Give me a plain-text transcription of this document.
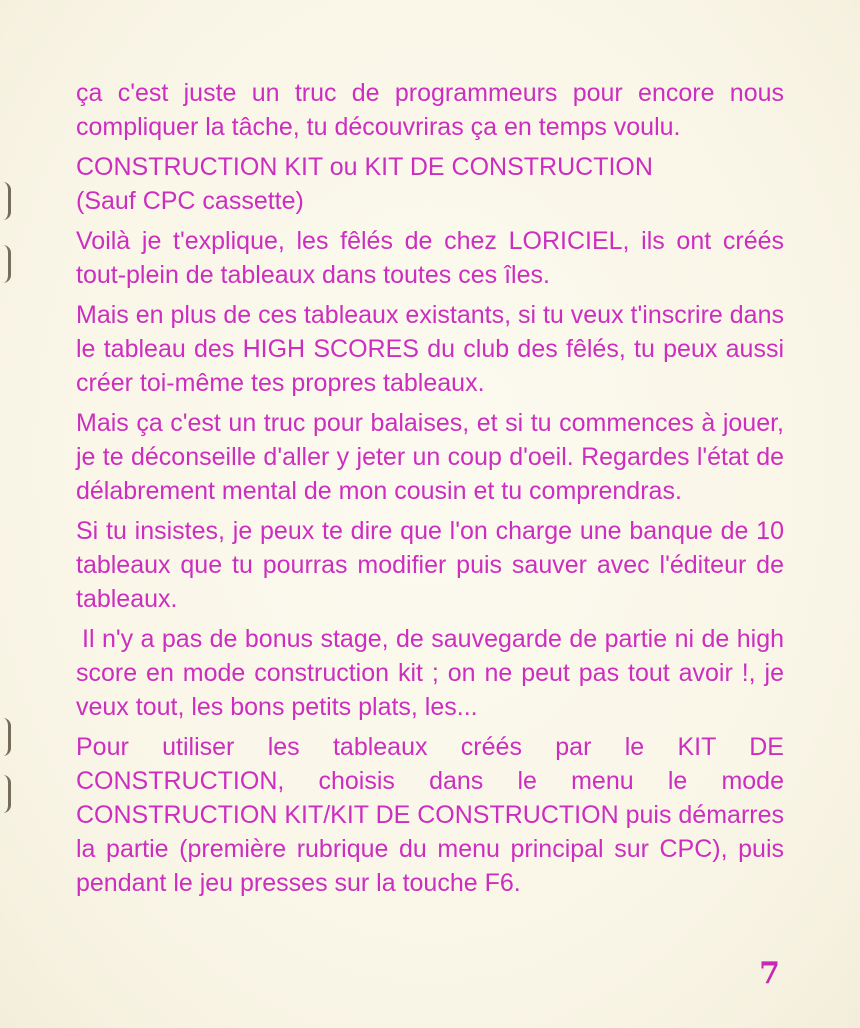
ça c'est juste un truc de programmeurs pour encore nous compliquer la tâche, tu découvriras ça en temps voulu.

CONSTRUCTION KIT ou KIT DE CONSTRUCTION
(Sauf CPC cassette)

Voilà je t'explique, les fêlés de chez LORICIEL, ils ont créés tout-plein de tableaux dans toutes ces îles.

Mais en plus de ces tableaux existants, si tu veux t'inscrire dans le tableau des HIGH SCORES du club des fêlés, tu peux aussi créer toi-même tes propres tableaux.

Mais ça c'est un truc pour balaises, et si tu commences à jouer, je te déconseille d'aller y jeter un coup d'oeil. Regardes l'état de délabrement mental de mon cousin et tu comprendras.

Si tu insistes, je peux te dire que l'on charge une banque de 10 tableaux que tu pourras modifier puis sauver avec l'éditeur de tableaux.

Il n'y a pas de bonus stage, de sauvegarde de partie ni de high score en mode construction kit ; on ne peut pas tout avoir !, je veux tout, les bons petits plats, les...

Pour utiliser les tableaux créés par le KIT DE CONSTRUCTION, choisis dans le menu le mode CONSTRUCTION KIT/KIT DE CONSTRUCTION puis démarres la partie (première rubrique du menu principal sur CPC), puis pendant le jeu presses sur la touche F6.

7
